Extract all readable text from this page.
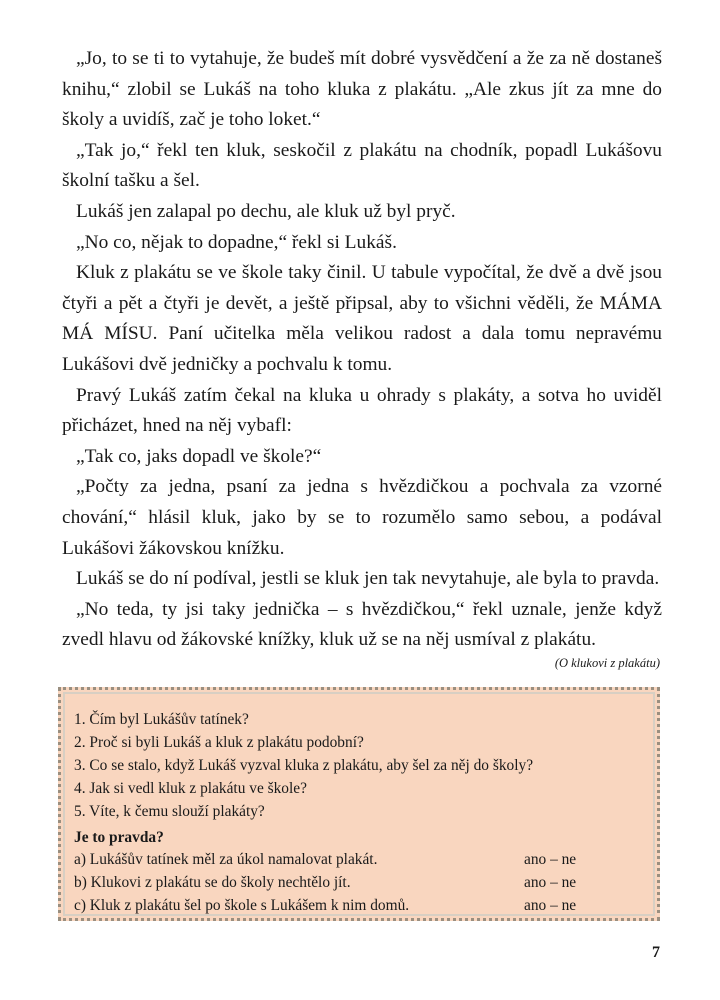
„Jo, to se ti to vytahuje, že budeš mít dobré vysvědčení a že za ně dostaneš knihu,“ zlobil se Lukáš na toho kluka z plakátu. „Ale zkus jít za mne do školy a uvidíš, zač je toho loket.“

„Tak jo,“ řekl ten kluk, seskočil z plakátu na chodník, popadl Lukášovu školní tašku a šel.

Lukáš jen zalapal po dechu, ale kluk už byl pryč.

„No co, nějak to dopadne,“ řekl si Lukáš.

Kluk z plakátu se ve škole taky činil. U tabule vypočítal, že dvě a dvě jsou čtyři a pět a čtyři je devět, a ještě připsal, aby to všichni věděli, že MÁMA MÁ MÍSU. Paní učitelka měla velikou radost a dala tomu nepravému Lukášovi dvě jedničky a pochvalu k tomu.

Pravý Lukáš zatím čekal na kluka u ohrady s plakáty, a sotva ho uviděl přicházet, hned na něj vybafl:

„Tak co, jaks dopadl ve škole?“

„Počty za jedna, psaní za jedna s hvězdičkou a pochvala za vzorné chování,“ hlásil kluk, jako by se to rozumělo samo sebou, a podával Lukášovi žákovskou knížku.

Lukáš se do ní podíval, jestli se kluk jen tak nevytahuje, ale byla to pravda.

„No teda, ty jsi taky jednička – s hvězdičkou,“ řekl uznale, jenže když zvedl hlavu od žákovské knížky, kluk už se na něj usmíval z plakátu.

(O klukovi z plakátu)
1. Čím byl Lukášův tatínek?
2. Proč si byli Lukáš a kluk z plakátu podobní?
3. Co se stalo, když Lukáš vyzval kluka z plakátu, aby šel za něj do školy?
4. Jak si vedl kluk z plakátu ve škole?
5. Víte, k čemu slouží plakáty?
Je to pravda?
a) Lukášův tatínek měl za úkol namalovat plakát.	ano – ne
b) Klukovi z plakátu se do školy nechtělo jít.	ano – ne
c) Kluk z plakátu šel po škole s Lukášem k nim domů.	ano – ne
7
